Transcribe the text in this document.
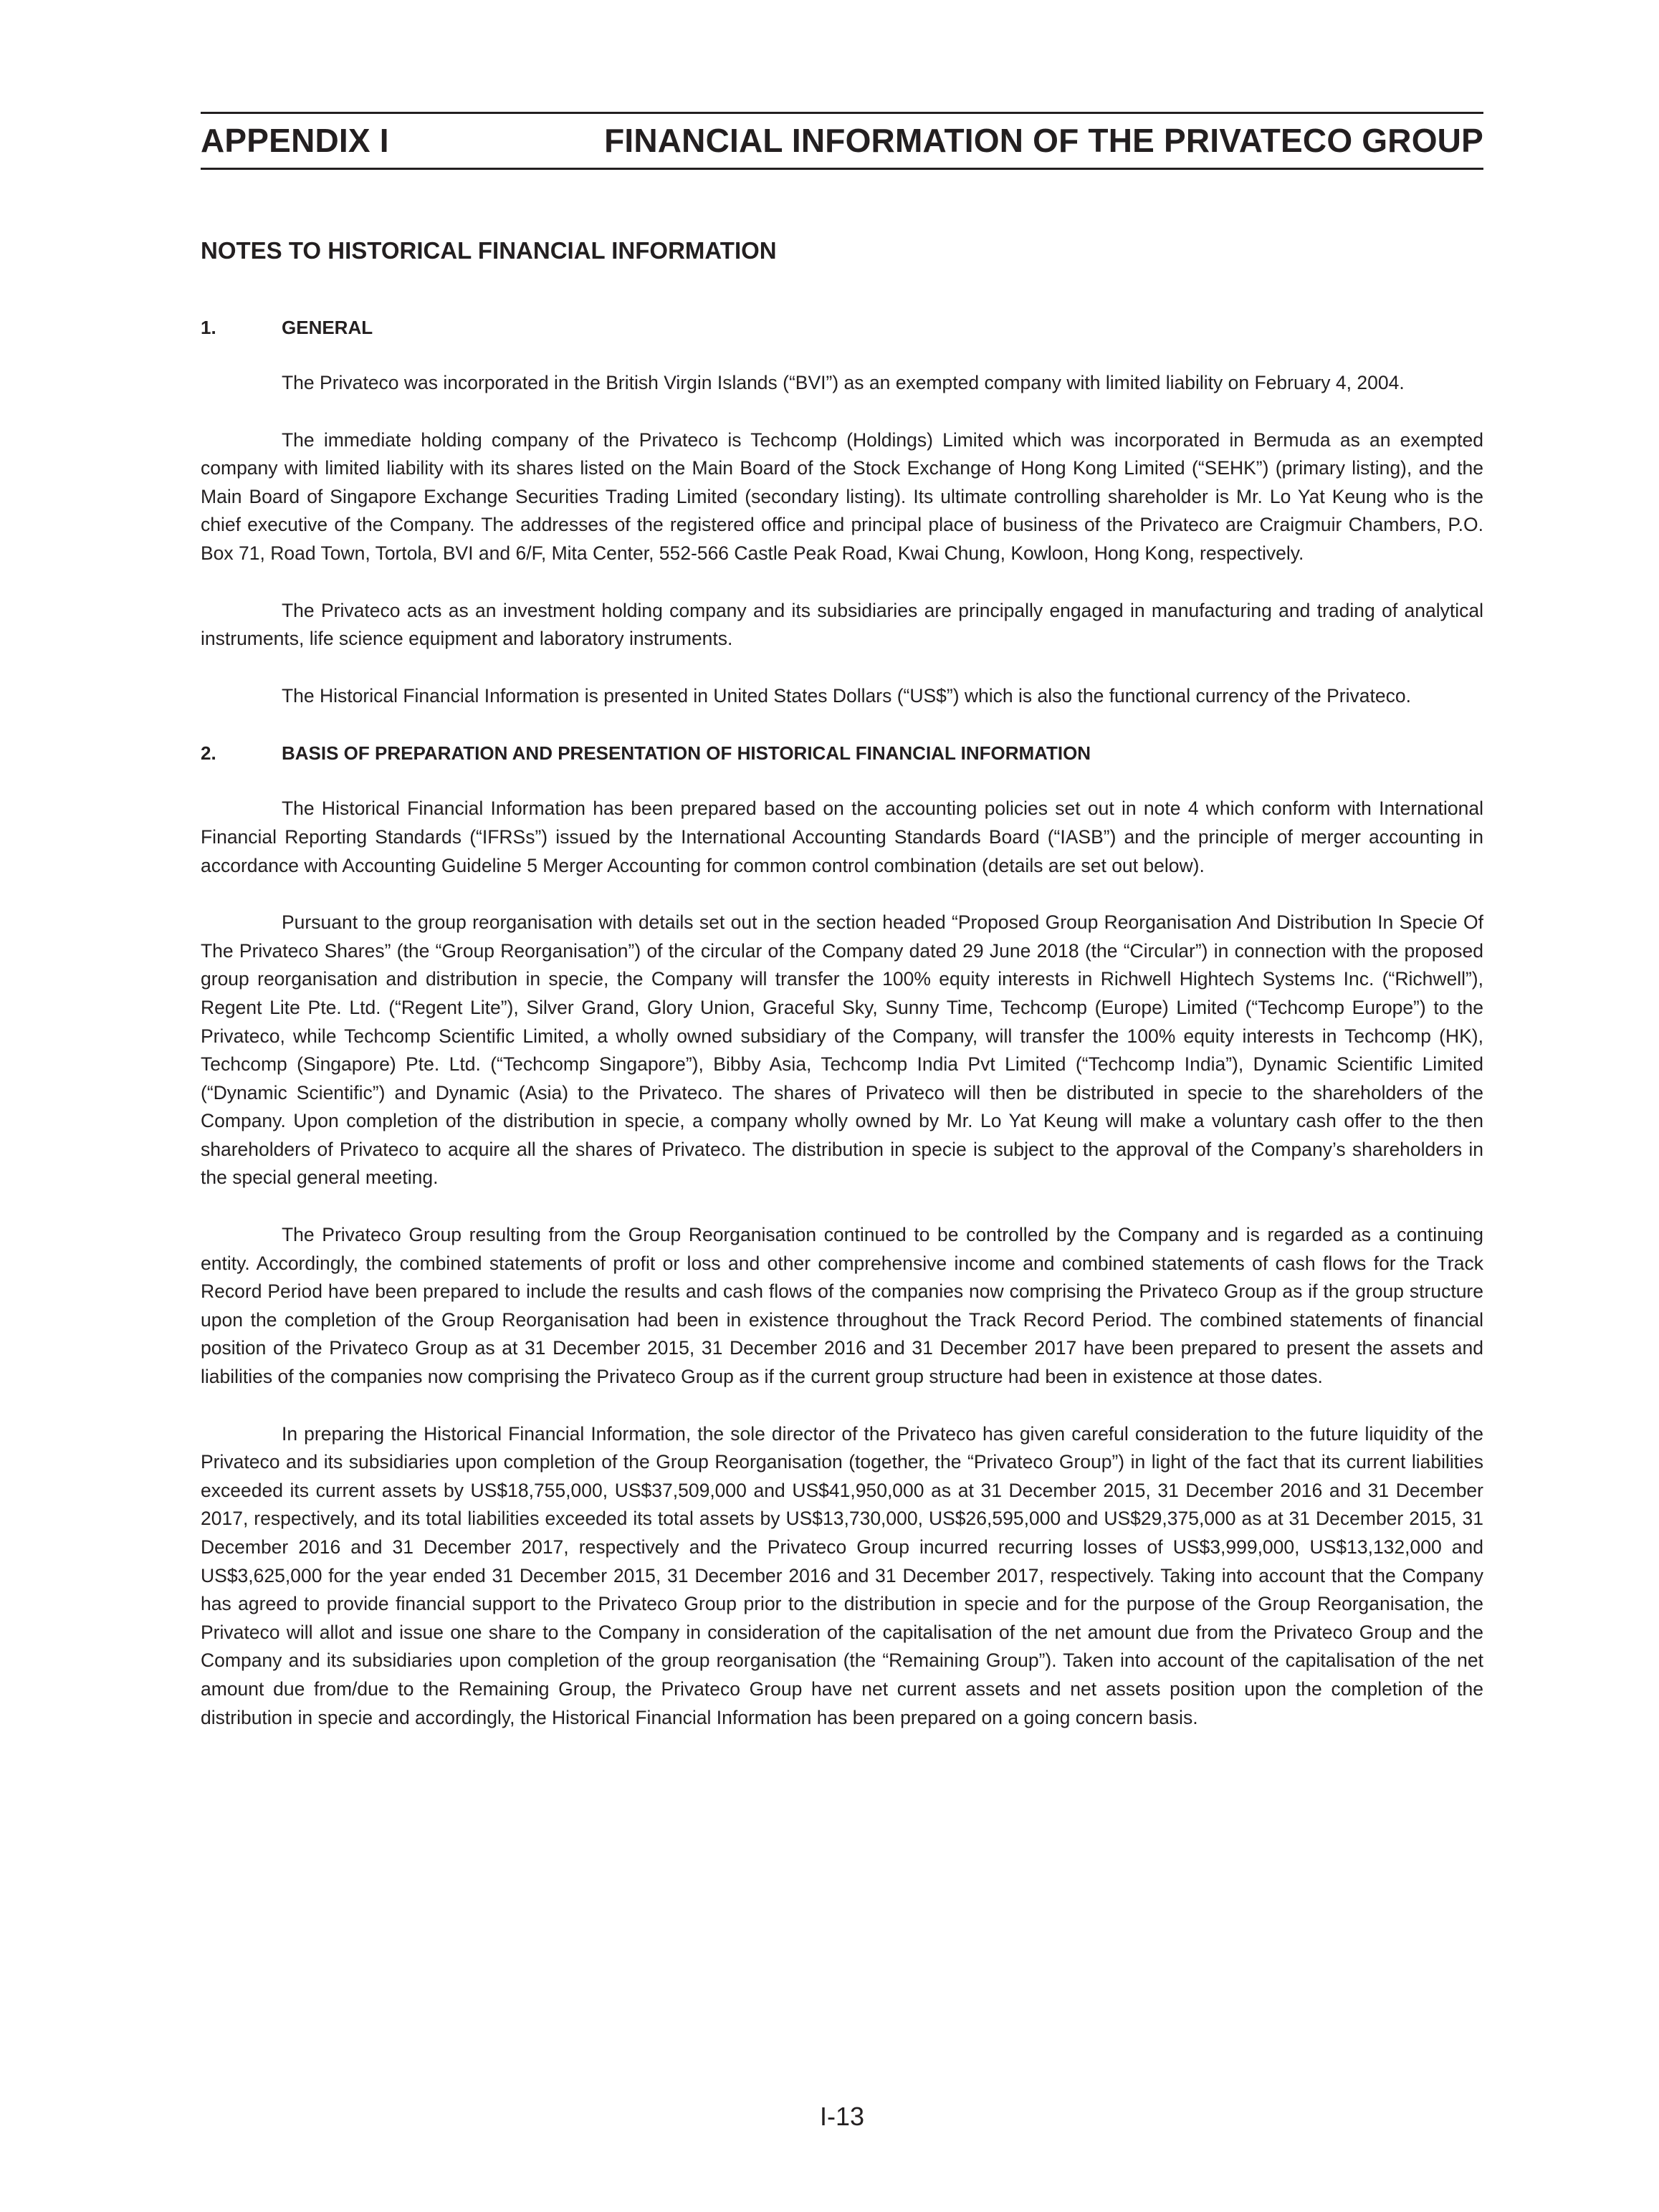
APPENDIX I	FINANCIAL INFORMATION OF THE PRIVATECO GROUP
NOTES TO HISTORICAL FINANCIAL INFORMATION
1.	GENERAL

The Privateco was incorporated in the British Virgin Islands (“BVI”) as an exempted company with limited liability on February 4, 2004.

The immediate holding company of the Privateco is Techcomp (Holdings) Limited which was incorporated in Bermuda as an exempted company with limited liability with its shares listed on the Main Board of the Stock Exchange of Hong Kong Limited (“SEHK”) (primary listing), and the Main Board of Singapore Exchange Securities Trading Limited (secondary listing). Its ultimate controlling shareholder is Mr. Lo Yat Keung who is the chief executive of the Company. The addresses of the registered office and principal place of business of the Privateco are Craigmuir Chambers, P.O. Box 71, Road Town, Tortola, BVI and 6/F, Mita Center, 552-566 Castle Peak Road, Kwai Chung, Kowloon, Hong Kong, respectively.

The Privateco acts as an investment holding company and its subsidiaries are principally engaged in manufacturing and trading of analytical instruments, life science equipment and laboratory instruments.

The Historical Financial Information is presented in United States Dollars (“US$”) which is also the functional currency of the Privateco.

2.	BASIS OF PREPARATION AND PRESENTATION OF HISTORICAL FINANCIAL INFORMATION

The Historical Financial Information has been prepared based on the accounting policies set out in note 4 which conform with International Financial Reporting Standards (“IFRSs”) issued by the International Accounting Standards Board (“IASB”) and the principle of merger accounting in accordance with Accounting Guideline 5 Merger Accounting for common control combination (details are set out below).

Pursuant to the group reorganisation with details set out in the section headed “Proposed Group Reorganisation And Distribution In Specie Of The Privateco Shares” (the “Group Reorganisation”) of the circular of the Company dated 29 June 2018 (the “Circular”) in connection with the proposed group reorganisation and distribution in specie, the Company will transfer the 100% equity interests in Richwell Hightech Systems Inc. (“Richwell”), Regent Lite Pte. Ltd. (“Regent Lite”), Silver Grand, Glory Union, Graceful Sky, Sunny Time, Techcomp (Europe) Limited (“Techcomp Europe”) to the Privateco, while Techcomp Scientific Limited, a wholly owned subsidiary of the Company, will transfer the 100% equity interests in Techcomp (HK), Techcomp (Singapore) Pte. Ltd. (“Techcomp Singapore”), Bibby Asia, Techcomp India Pvt Limited (“Techcomp India”), Dynamic Scientific Limited (“Dynamic Scientific”) and Dynamic (Asia) to the Privateco. The shares of Privateco will then be distributed in specie to the shareholders of the Company. Upon completion of the distribution in specie, a company wholly owned by Mr. Lo Yat Keung will make a voluntary cash offer to the then shareholders of Privateco to acquire all the shares of Privateco. The distribution in specie is subject to the approval of the Company’s shareholders in the special general meeting.

The Privateco Group resulting from the Group Reorganisation continued to be controlled by the Company and is regarded as a continuing entity. Accordingly, the combined statements of profit or loss and other comprehensive income and combined statements of cash flows for the Track Record Period have been prepared to include the results and cash flows of the companies now comprising the Privateco Group as if the group structure upon the completion of the Group Reorganisation had been in existence throughout the Track Record Period. The combined statements of financial position of the Privateco Group as at 31 December 2015, 31 December 2016 and 31 December 2017 have been prepared to present the assets and liabilities of the companies now comprising the Privateco Group as if the current group structure had been in existence at those dates.

In preparing the Historical Financial Information, the sole director of the Privateco has given careful consideration to the future liquidity of the Privateco and its subsidiaries upon completion of the Group Reorganisation (together, the “Privateco Group”) in light of the fact that its current liabilities exceeded its current assets by US$18,755,000, US$37,509,000 and US$41,950,000 as at 31 December 2015, 31 December 2016 and 31 December 2017, respectively, and its total liabilities exceeded its total assets by US$13,730,000, US$26,595,000 and US$29,375,000 as at 31 December 2015, 31 December 2016 and 31 December 2017, respectively and the Privateco Group incurred recurring losses of US$3,999,000, US$13,132,000 and US$3,625,000 for the year ended 31 December 2015, 31 December 2016 and 31 December 2017, respectively. Taking into account that the Company has agreed to provide financial support to the Privateco Group prior to the distribution in specie and for the purpose of the Group Reorganisation, the Privateco will allot and issue one share to the Company in consideration of the capitalisation of the net amount due from the Privateco Group and the Company and its subsidiaries upon completion of the group reorganisation (the “Remaining Group”). Taken into account of the capitalisation of the net amount due from/due to the Remaining Group, the Privateco Group have net current assets and net assets position upon the completion of the distribution in specie and accordingly, the Historical Financial Information has been prepared on a going concern basis.

I-13
